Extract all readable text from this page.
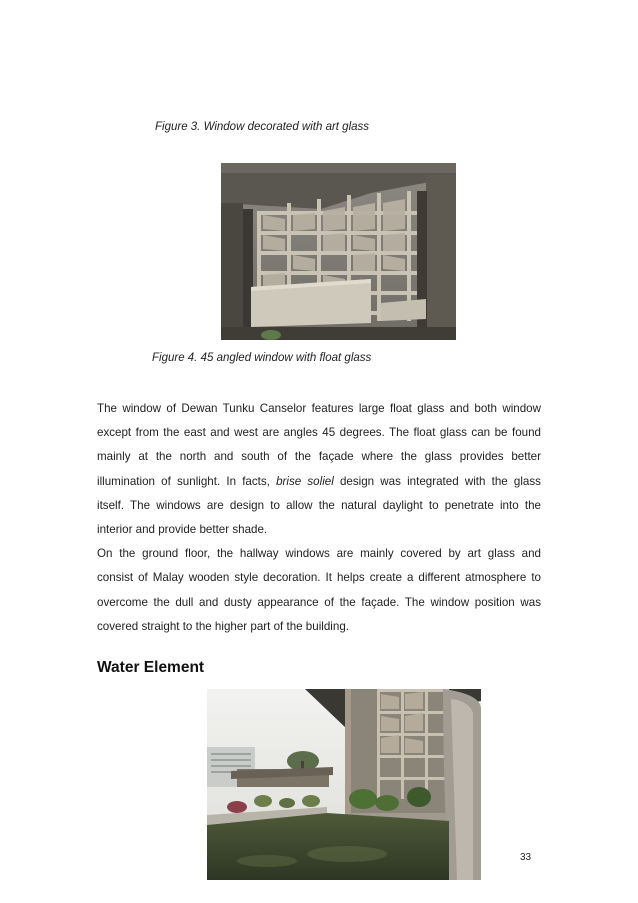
Figure 3. Window decorated with art glass
Figure 4. 45 angled window with float glass

The window of Dewan Tunku Canselor features large float glass and both window
except from the east and west are angles 45 degrees. The float glass can be found
mainly at the north and south of the façade where the glass provides better
illumination of sunlight. In facts, brise soliel design was integrated with the glass
itself. The windows are design to allow the natural daylight to penetrate into the
interior and provide better shade.

On the ground floor, the hallway windows are mainly covered by art glass and
consist of Malay wooden style decoration. It helps create a different atmosphere to
overcome the dull and dusty appearance of the façade. The window position was
covered straight to the higher part of the building.

Water Element
33
